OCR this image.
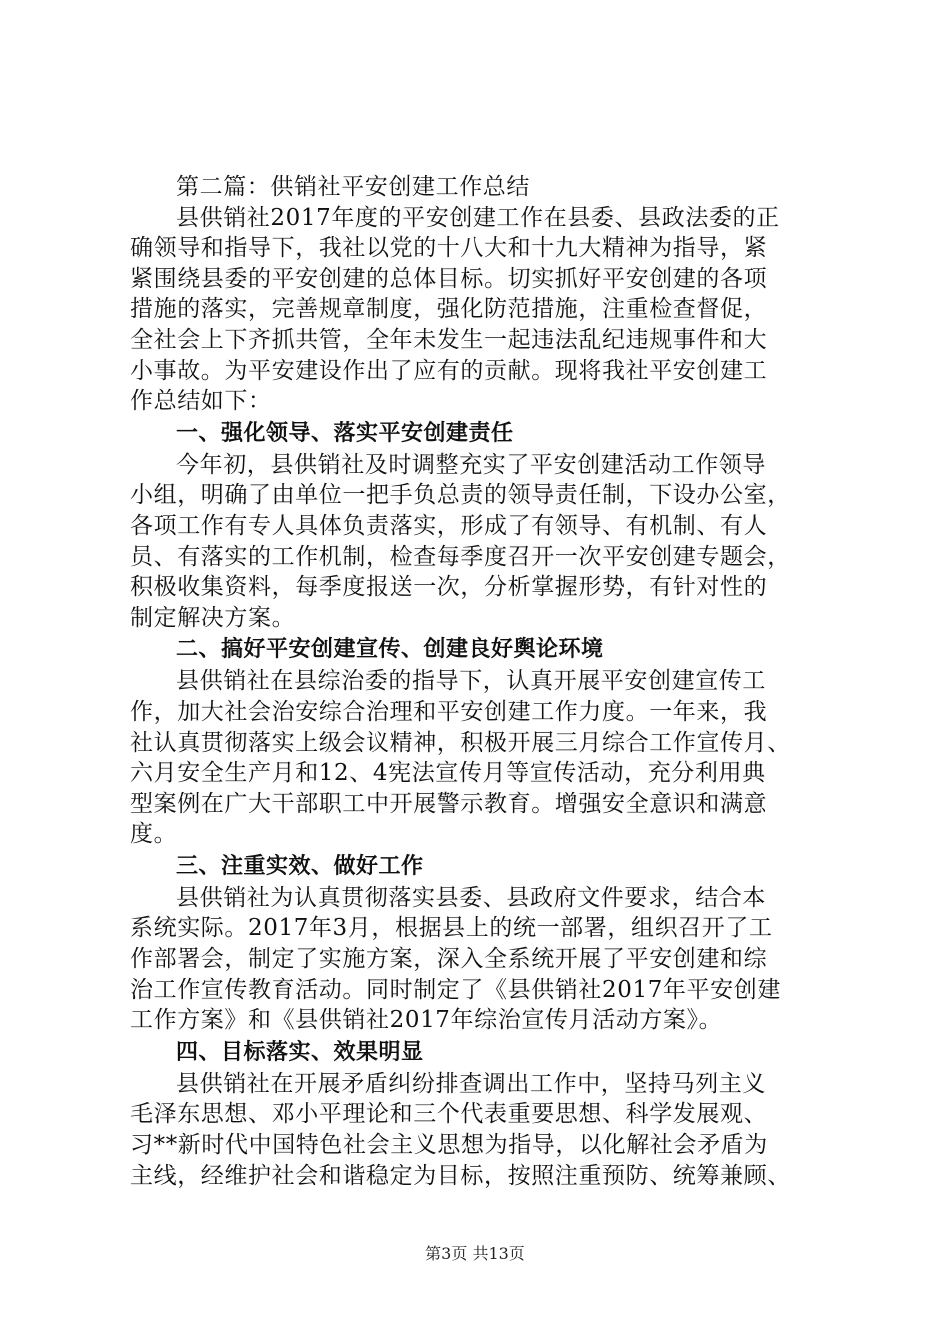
第二篇：供销社平安创建工作总结
县供销社2017年度的平安创建工作在县委、县政法委的正
确领导和指导下，我社以党的十八大和十九大精神为指导，紧
紧围绕县委的平安创建的总体目标。切实抓好平安创建的各项
措施的落实，完善规章制度，强化防范措施，注重检查督促，
全社会上下齐抓共管，全年未发生一起违法乱纪违规事件和大
小事故。为平安建设作出了应有的贡献。现将我社平安创建工
作总结如下：
一、强化领导、落实平安创建责任
今年初，县供销社及时调整充实了平安创建活动工作领导
小组，明确了由单位一把手负总责的领导责任制，下设办公室，
各项工作有专人具体负责落实，形成了有领导、有机制、有人
员、有落实的工作机制，检查每季度召开一次平安创建专题会，
积极收集资料，每季度报送一次，分析掌握形势，有针对性的
制定解决方案。
二、搞好平安创建宣传、创建良好舆论环境
县供销社在县综治委的指导下，认真开展平安创建宣传工
作，加大社会治安综合治理和平安创建工作力度。一年来，我
社认真贯彻落实上级会议精神，积极开展三月综合工作宣传月、
六月安全生产月和12、4宪法宣传月等宣传活动，充分利用典
型案例在广大干部职工中开展警示教育。增强安全意识和满意
度。
三、注重实效、做好工作
县供销社为认真贯彻落实县委、县政府文件要求，结合本
系统实际。2017年3月，根据县上的统一部署，组织召开了工
作部署会，制定了实施方案，深入全系统开展了平安创建和综
治工作宣传教育活动。同时制定了《县供销社2017年平安创建
工作方案》和《县供销社2017年综治宣传月活动方案》。
四、目标落实、效果明显
县供销社在开展矛盾纠纷排查调出工作中，坚持马列主义
毛泽东思想、邓小平理论和三个代表重要思想、科学发展观、
习**新时代中国特色社会主义思想为指导，以化解社会矛盾为
主线，经维护社会和谐稳定为目标，按照注重预防、统筹兼顾、
第3页 共13页
